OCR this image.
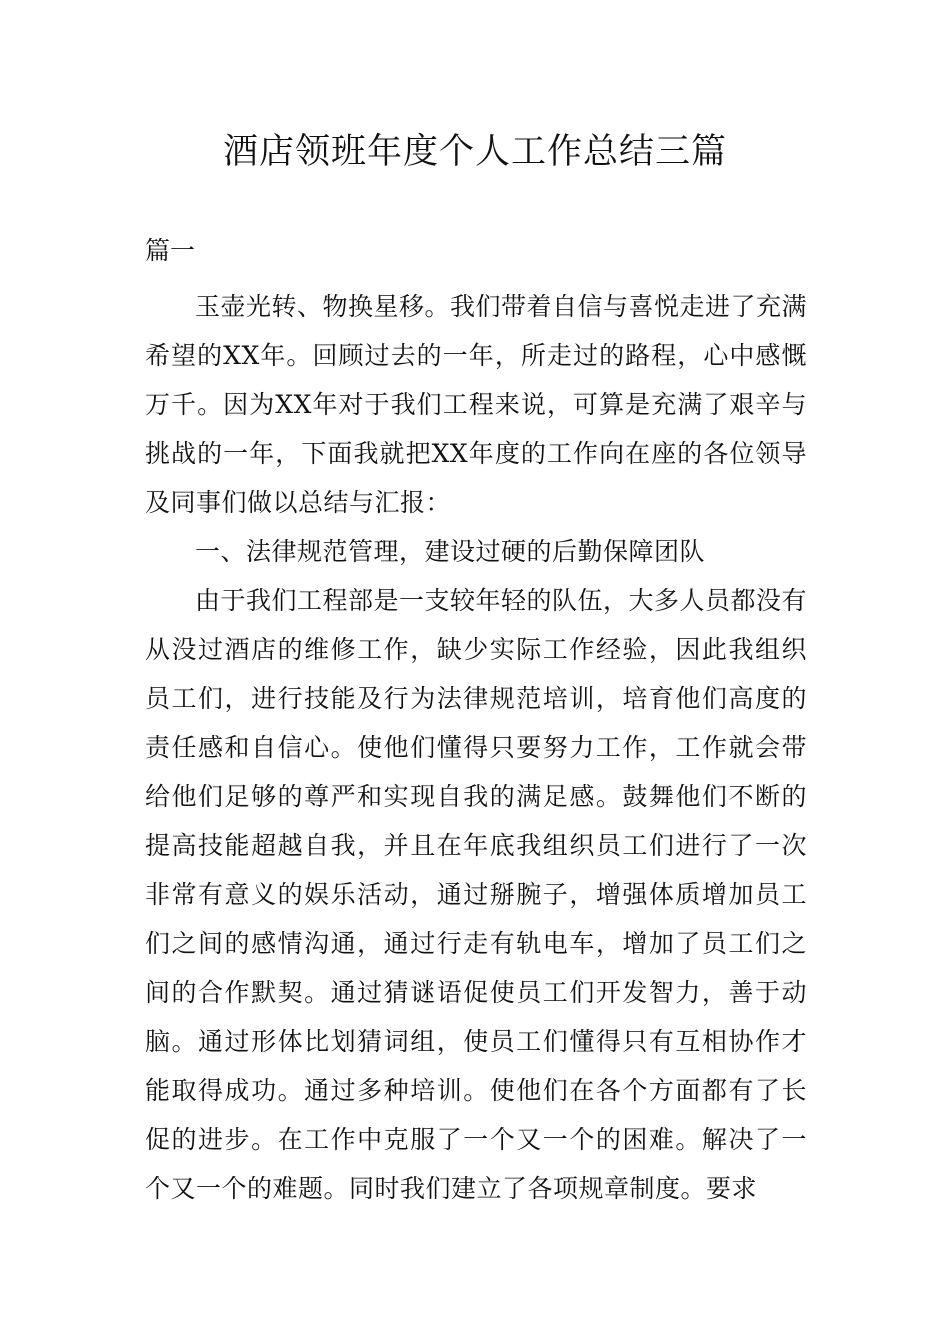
酒店领班年度个人工作总结三篇
篇一

玉壶光转、物换星移。我们带着自信与喜悦走进了充满希望的XX年。回顾过去的一年，所走过的路程，心中感慨万千。因为XX年对于我们工程来说，可算是充满了艰辛与挑战的一年，下面我就把XX年度的工作向在座的各位领导及同事们做以总结与汇报：

一、法律规范管理，建设过硬的后勤保障团队

由于我们工程部是一支较年轻的队伍，大多人员都没有从没过酒店的维修工作，缺少实际工作经验，因此我组织员工们，进行技能及行为法律规范培训，培育他们高度的责任感和自信心。使他们懂得只要努力工作，工作就会带给他们足够的尊严和实现自我的满足感。鼓舞他们不断的提高技能超越自我，并且在年底我组织员工们进行了一次非常有意义的娱乐活动，通过掰腕子，增强体质增加员工们之间的感情沟通，通过行走有轨电车，增加了员工们之间的合作默契。通过猜谜语促使员工们开发智力，善于动脑。通过形体比划猜词组，使员工们懂得只有互相协作才能取得成功。通过多种培训。使他们在各个方面都有了长促的进步。在工作中克服了一个又一个的困难。解决了一个又一个的难题。同时我们建立了各项规章制度。要求
